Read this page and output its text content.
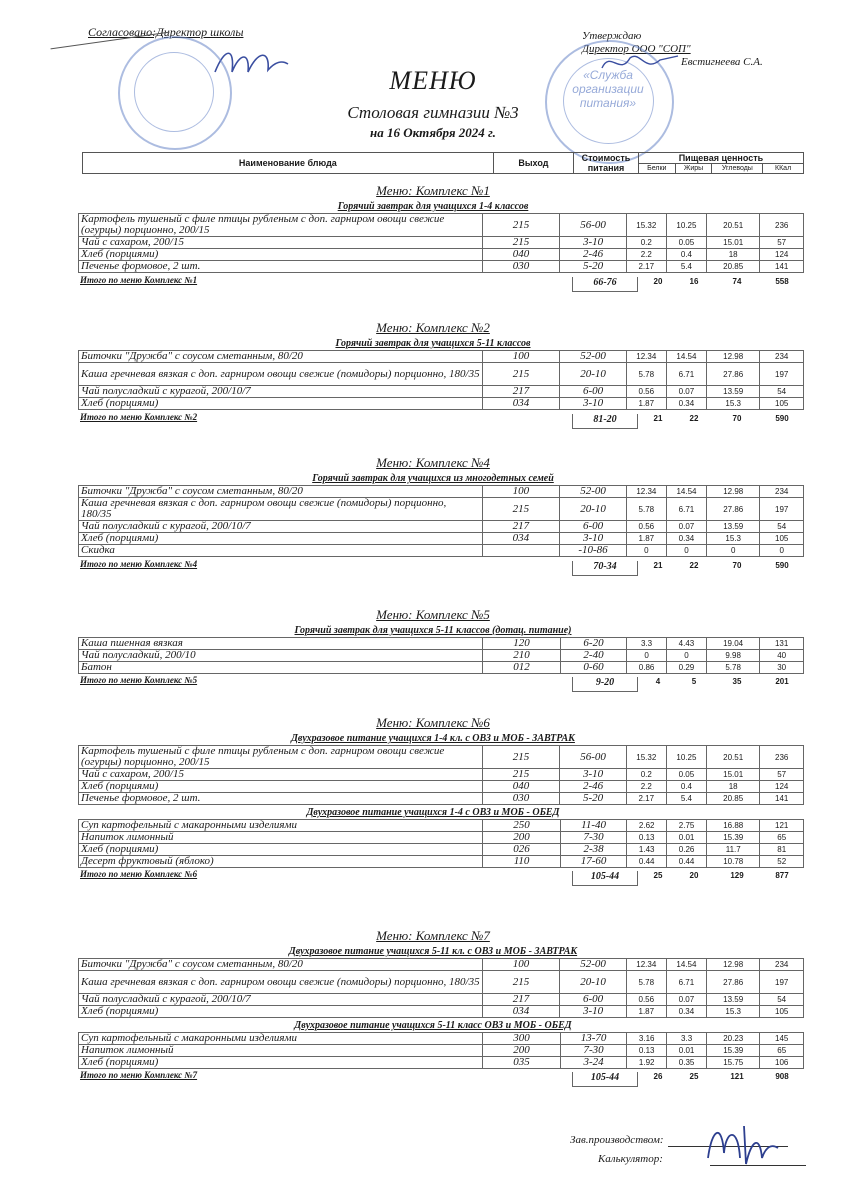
Согласовано:Директор школы	Утверждаю
Директор ООО "СОП"
Евстигнеева С.А.
«Служба организации питания»
МЕНЮ
Столовая гимназии №3
на 16 Октября 2024 г.
Наименование блюда	Выход	Стоимость питания	Пищевая ценность			
			Белки	Жиры	Углеводы	ККал
Меню: Комплекс №1
Горячий завтрак для учащихся 1-4 классов
Картофель тушеный с филе птицы рубленым с доп. гарниром овощи свежие (огурцы) порционно, 200/15	215	56-00	15.32	10.25	20.51	236
Чай с сахаром, 200/15	215	3-10	0.2	0.05	15.01	57
Хлеб (порциями)	040	2-46	2.2	0.4	18	124
Печенье формовое, 2 шт.	030	5-20	2.17	5.4	20.85	141
Итого по меню Комплекс №1	66-76	20	16	74	558
Меню: Комплекс №2
Горячий завтрак для учащихся 5-11 классов
Биточки "Дружба" с соусом сметанным, 80/20	100	52-00	12.34	14.54	12.98	234
Каша гречневая вязкая с доп. гарниром овощи свежие (помидоры) порционно, 180/35	215	20-10	5.78	6.71	27.86	197
Чай полусладкий с курагой, 200/10/7	217	6-00	0.56	0.07	13.59	54
Хлеб (порциями)	034	3-10	1.87	0.34	15.3	105
Итого по меню Комплекс №2	81-20	21	22	70	590
Меню: Комплекс №4
Горячий завтрак для учащихся из многодетных семей
Биточки "Дружба" с соусом сметанным, 80/20	100	52-00	12.34	14.54	12.98	234
Каша гречневая вязкая с доп. гарниром овощи свежие (помидоры) порционно, 180/35	215	20-10	5.78	6.71	27.86	197
Чай полусладкий с курагой, 200/10/7	217	6-00	0.56	0.07	13.59	54
Хлеб (порциями)	034	3-10	1.87	0.34	15.3	105
Скидка		-10-86	0	0	0	0
Итого по меню Комплекс №4	70-34	21	22	70	590
Меню: Комплекс №5
Горячий завтрак для учащихся 5-11 классов (дотац. питание)
Каша пшенная вязкая	120	6-20	3.3	4.43	19.04	131
Чай полусладкий, 200/10	210	2-40	0	0	9.98	40
Батон	012	0-60	0.86	0.29	5.78	30
Итого по меню Комплекс №5	9-20	4	5	35	201
Меню: Комплекс №6
Двухразовое питание учащихся 1-4 кл. с ОВЗ и МОБ - ЗАВТРАК
Картофель тушеный с филе птицы рубленым с доп. гарниром овощи свежие (огурцы) порционно, 200/15	215	56-00	15.32	10.25	20.51	236
Чай с сахаром, 200/15	215	3-10	0.2	0.05	15.01	57
Хлеб (порциями)	040	2-46	2.2	0.4	18	124
Печенье формовое, 2 шт.	030	5-20	2.17	5.4	20.85	141
Двухразовое питание учащихся 1-4 с ОВЗ и МОБ - ОБЕД
Суп картофельный с макаронными изделиями	250	11-40	2.62	2.75	16.88	121
Напиток лимонный	200	7-30	0.13	0.01	15.39	65
Хлеб (порциями)	026	2-38	1.43	0.26	11.7	81
Десерт фруктовый (яблоко)	110	17-60	0.44	0.44	10.78	52
Итого по меню Комплекс №6	105-44	25	20	129	877
Меню: Комплекс №7
Двухразовое питание учащихся 5-11 кл. с ОВЗ и МОБ - ЗАВТРАК
Биточки "Дружба" с соусом сметанным, 80/20	100	52-00	12.34	14.54	12.98	234
Каша гречневая вязкая с доп. гарниром овощи свежие (помидоры) порционно, 180/35	215	20-10	5.78	6.71	27.86	197
Чай полусладкий с курагой, 200/10/7	217	6-00	0.56	0.07	13.59	54
Хлеб (порциями)	034	3-10	1.87	0.34	15.3	105
Двухразовое питание учащихся 5-11 класс ОВЗ и МОБ - ОБЕД
Суп картофельный с макаронными изделиями	300	13-70	3.16	3.3	20.23	145
Напиток лимонный	200	7-30	0.13	0.01	15.39	65
Хлеб (порциями)	035	3-24	1.92	0.35	15.75	106
Итого по меню Комплекс №7	105-44	26	25	121	908
Зав.производством:
Калькулятор:
